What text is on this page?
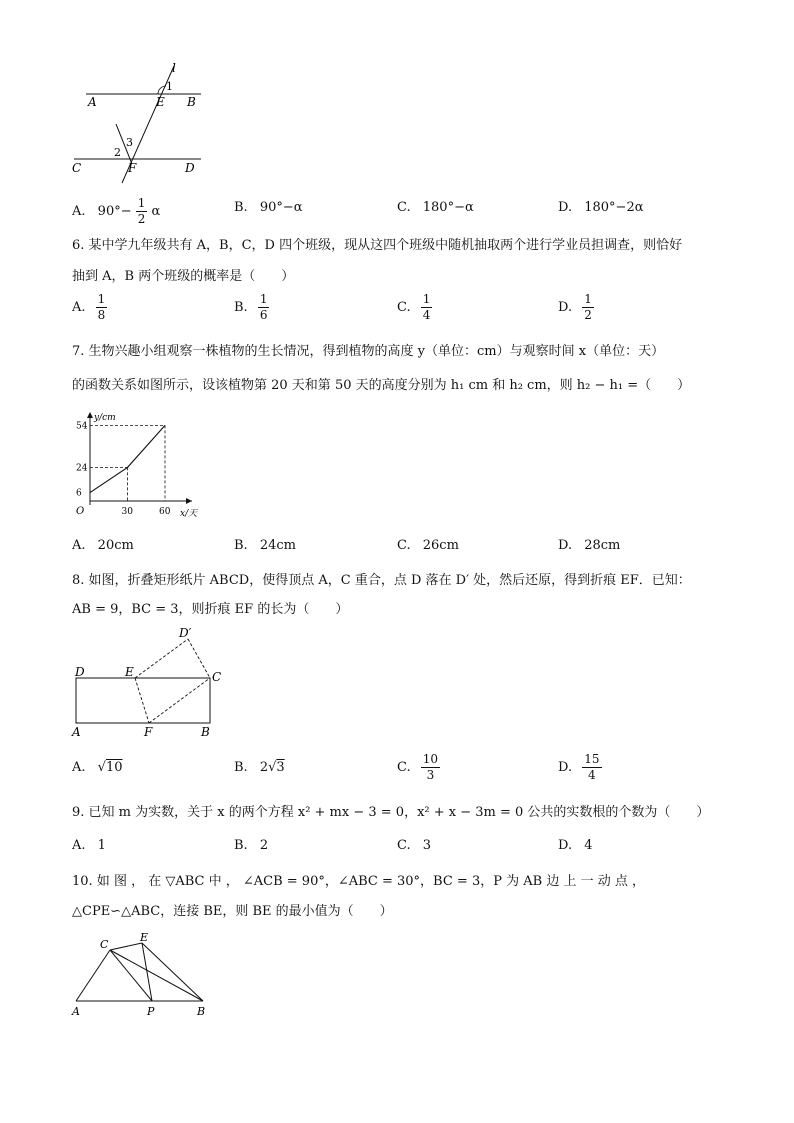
l
1
A	E B
3
2
C	F	D
A. $90^\circ- \frac{1}{2}$ α	B. 90°−α	C. 180°−α	D. 180°−2α
6. 某中学九年级共有 A，B，C，D 四个班级，现从这四个班级中随机抽取两个进行学业员担调查，则恰好
抽到 A，B 两个班级的概率是（　　）
A. $\frac{1}{8}$	B. $\frac{1}{6}$	C. $\frac{1}{4}$	D. $\frac{1}{2}$
7. 生物兴趣小组观察一株植物的生长情况，得到植物的高度 y（单位：cm）与观察时间 x（单位：天）
的函数关系如图所示，设该植物第 20 天和第 50 天的高度分别为 h₁ cm 和 h₂ cm，则 h₂ − h₁ =（　　）
30	60
6
24
54
O
y/cm
x/天
A. 20cm	B. 24cm	C. 26cm	D. 28cm
8. 如图，折叠矩形纸片 ABCD，使得顶点 A，C 重合，点 D 落在 D′ 处，然后还原，得到折痕 EF．已知：
AB = 9，BC = 3，则折痕 EF 的长为（　　）
D′
D	E	C
A	F	B
A. √10	B. 2√3	C. $\frac{10}{3}$	D. $\frac{15}{4}$
9. 已知 m 为实数，关于 x 的两个方程 x² + mx − 3 = 0，x² + x − 3m = 0 公共的实数根的个数为（　　）
A. 1	B. 2	C. 3	D. 4
10. 如 图 ， 在 ▽ABC 中 ， ∠ACB = 90°，∠ABC = 30°，BC = 3，P 为 AB 边 上 一 动 点 ，
△CPE∽△ABC，连接 BE，则 BE 的最小值为（　　）
C
E
A	P	B
